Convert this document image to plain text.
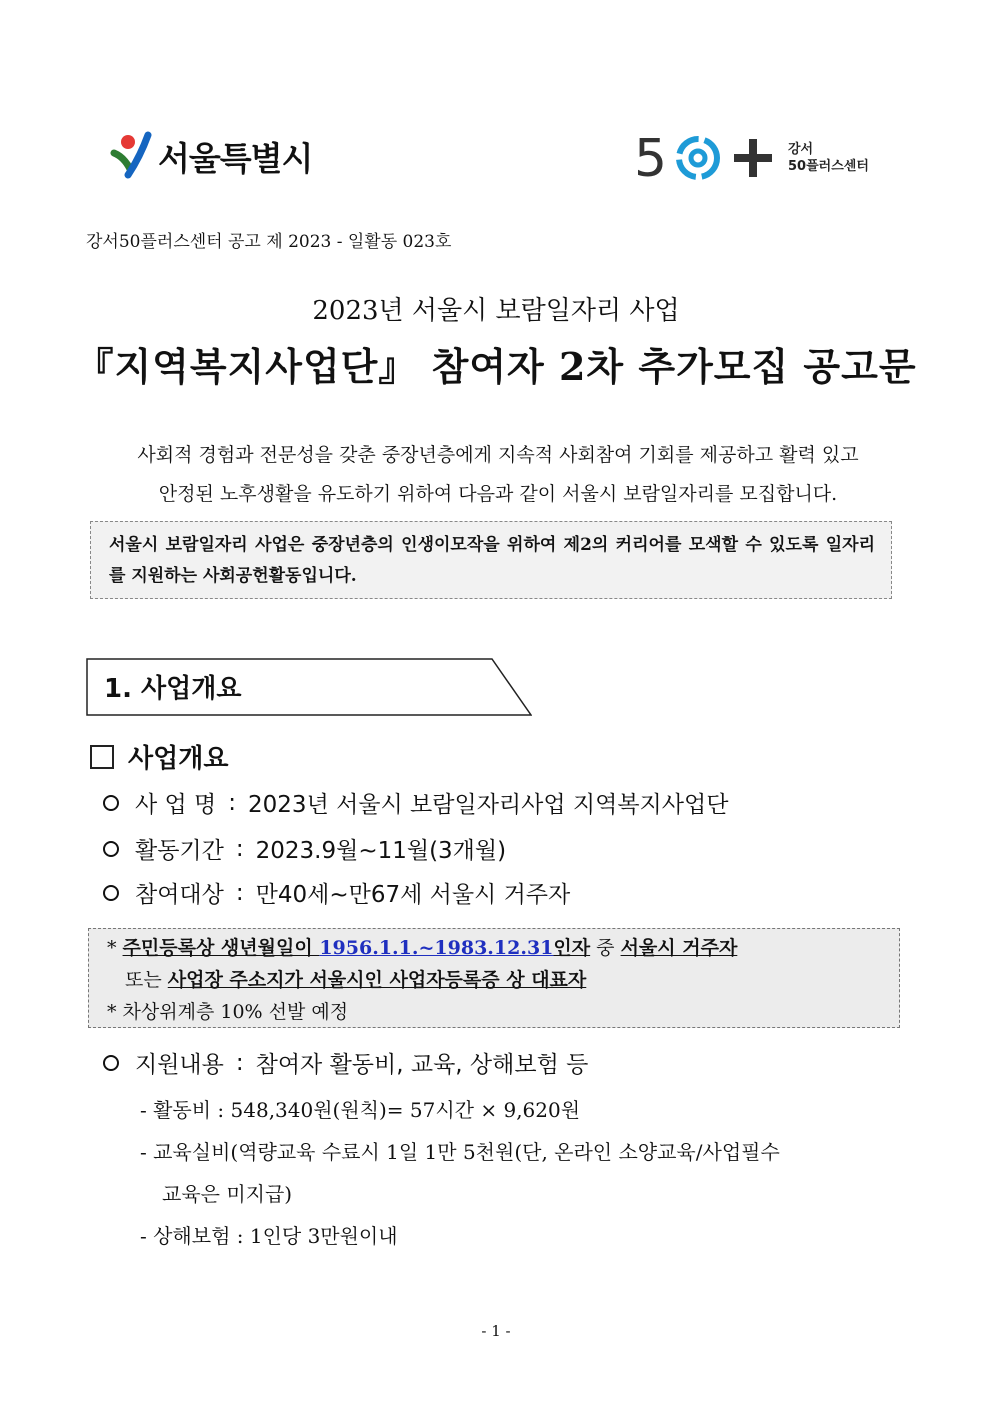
서울특별시	5	강서
50플러스센터
강서50플러스센터 공고 제 2023 - 일활동 023호
2023년 서울시 보람일자리 사업
『지역복지사업단』 참여자 2차 추가모집 공고문
사회적 경험과 전문성을 갖춘 중장년층에게 지속적 사회참여 기회를 제공하고 활력 있고
안정된 노후생활을 유도하기 위하여 다음과 같이 서울시 보람일자리를 모집합니다.
서울시 보람일자리 사업은 중장년층의 인생이모작을 위하여 제2의 커리어를 모색할 수 있도록 일자리를 지원하는 사회공헌활동입니다.
1. 사업개요
사업개요
사 업 명 : 2023년 서울시 보람일자리사업 지역복지사업단
활동기간 : 2023.9월~11월(3개월)
참여대상 : 만40세~만67세 서울시 거주자
* 주민등록상 생년월일이 1956.1.1.~1983.12.31인자 중 서울시 거주자
또는 사업장 주소지가 서울시인 사업자등록증 상 대표자
* 차상위계층 10% 선발 예정
지원내용 : 참여자 활동비, 교육, 상해보험 등
- 활동비 : 548,340원(원칙)= 57시간 × 9,620원
- 교육실비(역량교육 수료시 1일 1만 5천원(단, 온라인 소양교육/사업필수
교육은 미지급)
- 상해보험 : 1인당 3만원이내
- 1 -
